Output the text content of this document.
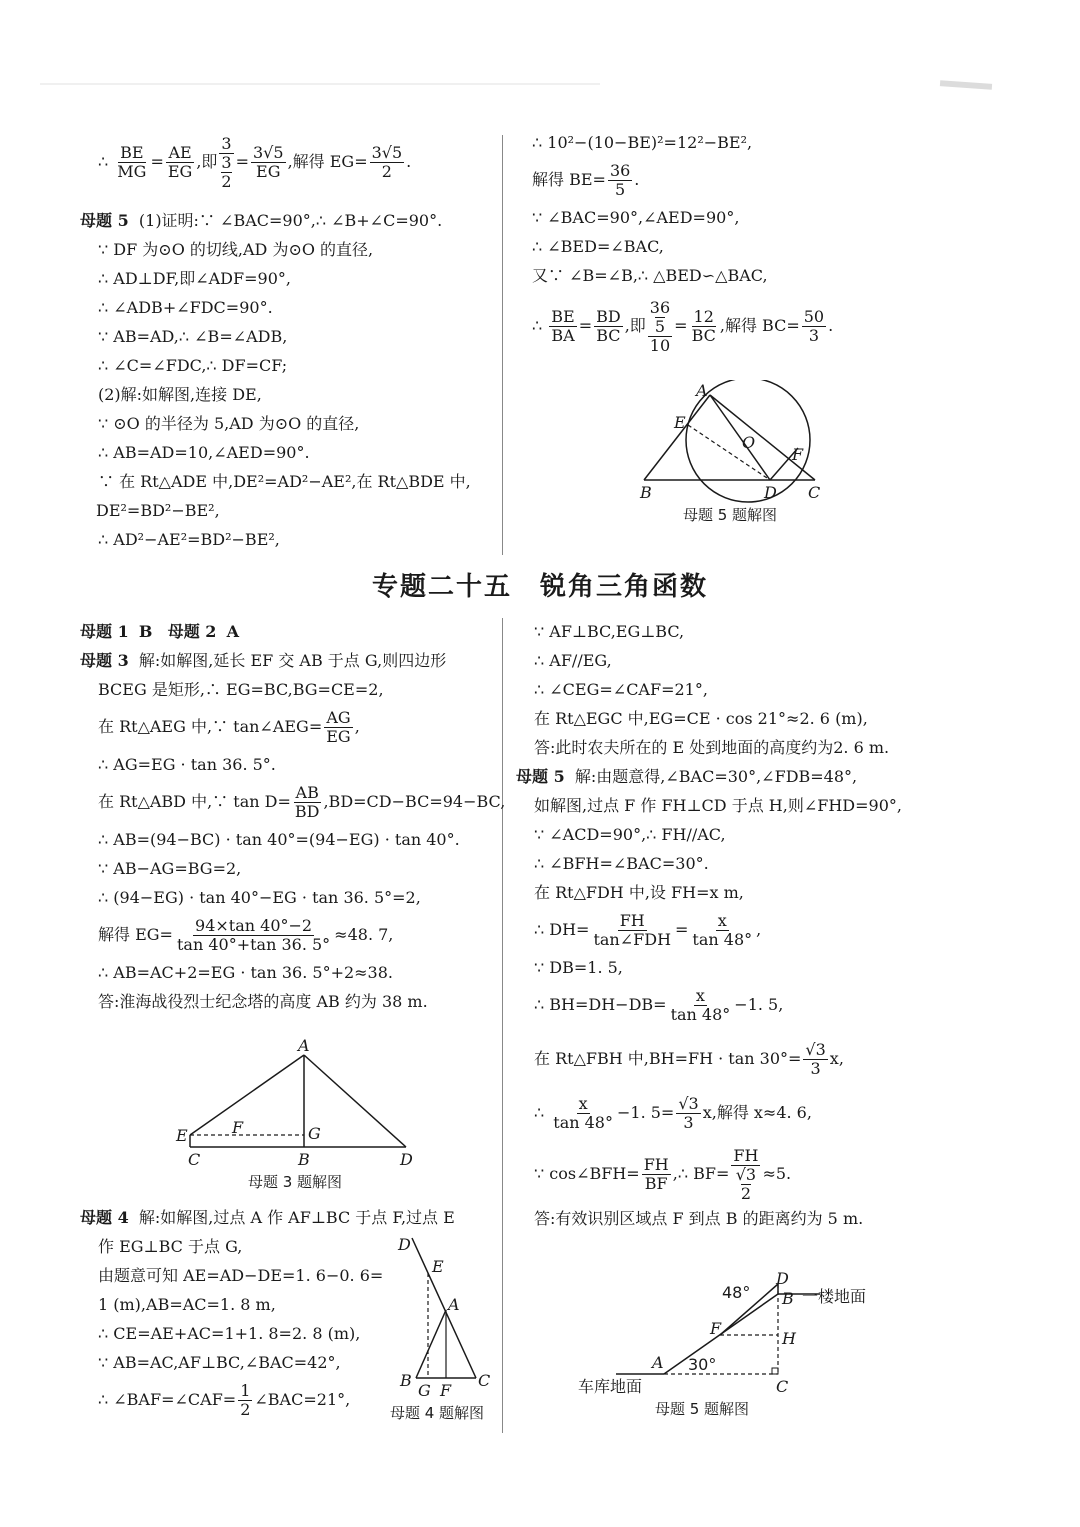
∴ $\frac{BE}{MG} = \frac{AE}{EG}$ ,即 3
3
$2 = \frac{3√5}{EG}$ ,解得 $EG= \frac{3√5}{2}$ .
母题 5 (1)证明:∵ ∠BAC=90°,∴ ∠B+∠C=90°.
∵ DF 为⊙O 的切线,AD 为⊙O 的直径,
∴ AD⊥DF,即∠ADF=90°,
∴ ∠ADB+∠FDC=90°.
∵ AB=AD,∴ ∠B=∠ADB,
∴ ∠C=∠FDC,∴ DF=CF;
(2)解:如解图,连接 DE,
∵ ⊙O 的半径为 5,AD 为⊙O 的直径,
∴ AB=AD=10,∠AED=90°.
∵ 在 Rt△ADE 中,DE²=AD²−AE²,在 Rt△BDE 中,
DE²=BD²−BE²,
∴ AD²−AE²=BD²−BE²,
∴ 10²−(10−BE)²=12²−BE²,
解得 $BE= \frac{36}{5}$ .
∵ ∠BAC=90°,∠AED=90°,
∴ ∠BED=∠BAC,
又∵ ∠B=∠B,∴ △BED∽△BAC,
∴ $\frac{BE}{BA} = \frac{BD}{BC}$ ,即 36
5
$10 = \frac{12}{BC}$ ,解得 $BC= \frac{50}{3}$ .
A
E
O
F
B	D C
母题 5 题解图
专题二十五　锐角三角函数
母题 1 B 母题 2 A
母题 3 解:如解图,延长 EF 交 AB 于点 G,则四边形
BCEG 是矩形,∴ EG=BC,BG=CE=2,
在 Rt△AEG 中,∵ tan∠AEG= $\frac{AG}{EG}$ ,
∴ AG=EG · tan 36. 5°.
在 Rt△ABD 中,∵ $\tan D= \frac{AB}{BD} ,BD=CD-BC=94-BC$,
∴ AB=(94−BC) · tan 40°=(94−EG) · tan 40°.
∵ AB−AG=BG=2,
∴ (94−EG) · tan 40°−EG · tan 36. 5°=2,
解得 $EG= \frac{94\times\tan 40^\circ-2}{\tan 40^\circ+\tan 36. 5^\circ} \approx 48$. 7,
∴ AB=AC+2=EG · tan 36. 5°+2≈38.
答:淮海战役烈士纪念塔的高度 AB 约为 38 m.
A
E	F	G
C	B	D
母题 3 题解图
母题 4 解:如解图,过点 A 作 AF⊥BC 于点 F,过点 E
作 EG⊥BC 于点 G,
由题意可知 AE=AD−DE=1. 6−0. 6=
1 (m),AB=AC=1. 8 m,
∴ CE=AE+AC=1+1. 8=2. 8 (m),
∵ AB=AC,AF⊥BC,∠BAC=42°,
∴ ∠BAF=∠CAF= $\frac{1}{2}$ ∠BAC=21°,
D
E
A
B
G F
C
母题 4 题解图
∵ AF⊥BC,EG⊥BC,
∴ AF//EG,
∴ ∠CEG=∠CAF=21°,
在 Rt△EGC 中,EG=CE · cos 21°≈2. 6 (m),
答:此时农夫所在的 E 处到地面的高度约为2. 6 m.
母题 5 解:由题意得,∠BAC=30°,∠FDB=48°,
如解图,过点 F 作 FH⊥CD 于点 H,则∠FHD=90°,
∵ ∠ACD=90°,∴ FH//AC,
∴ ∠BFH=∠BAC=30°.
在 Rt△FDH 中,设 FH=x m,
∴ $DH= \frac{FH}{\text{tan∠FDH}} = \frac{x}{\tan 48^\circ}$ ,
∵ DB=1. 5,
∴ $BH=DH-DB= \frac{x}{\tan 48^\circ} -1$. 5,
在 Rt△FBH 中$,BH=FH \cdot \tan 30^\circ= \frac{√3}{3} x$,
∴ $\frac{x}{\tan 48^\circ} -1$. $5= \frac{√3}{3} x$,解得 x≈4. 6,
∵ cos∠BFH= $\frac{FH}{BF}$ ,∴ BF= FH
√3
2 ≈5.
答:有效识别区域点 F 到点 B 的距离约为 5 m.
48°
D
B 一楼地面
F
H
A 30°
车库地面	C
母题 5 题解图
